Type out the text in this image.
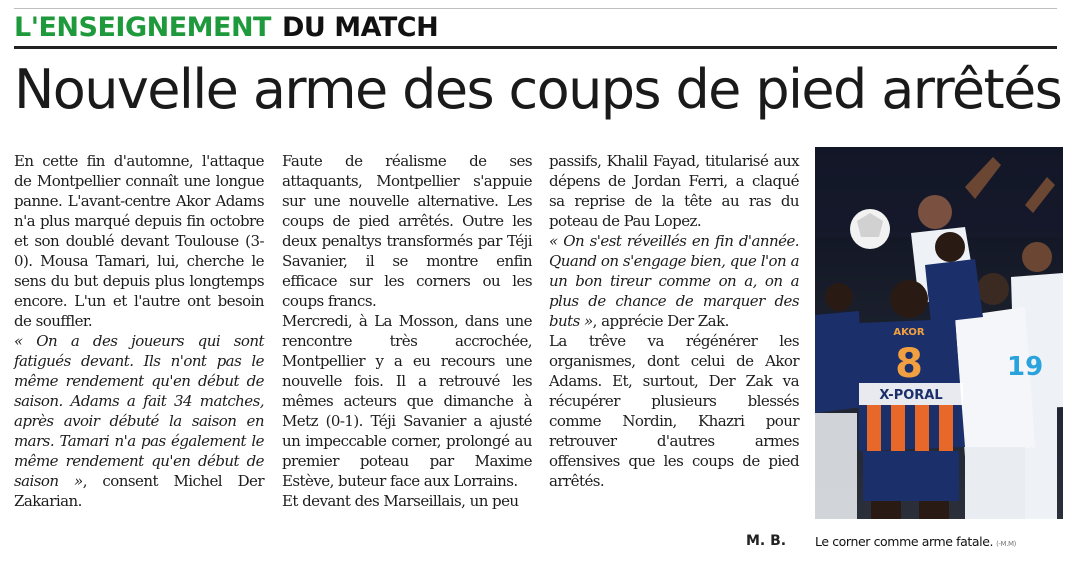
L'ENSEIGNEMENT DU MATCH
Nouvelle arme des coups de pied arrêtés

En cette fin d'automne, l'attaque de Montpellier connaît une longue panne. L'avant-centre Akor Adams n'a plus marqué depuis fin octobre et son doublé devant Toulouse (3-0). Mousa Tamari, lui, cherche le sens du but depuis plus longtemps encore. L'un et l'autre ont besoin de souffler.

« On a des joueurs qui sont fatigués devant. Ils n'ont pas le même rendement qu'en début de saison. Adams a fait 34 matches, après avoir débuté la saison en mars. Tamari n'a pas également le même rendement qu'en début de saison », consent Michel Der Zakarian.

Faute de réalisme de ses attaquants, Montpellier s'appuie sur une nouvelle alternative. Les coups de pied arrêtés. Outre les deux penaltys transformés par Téji Savanier, il se montre enfin efficace sur les corners ou les coups francs.

Mercredi, à La Mosson, dans une rencontre très accrochée, Montpellier y a eu recours une nouvelle fois. Il a retrouvé les mêmes acteurs que dimanche à Metz (0-1). Téji Savanier a ajusté un impeccable corner, prolongé au premier poteau par Maxime Estève, buteur face aux Lorrains.

Et devant des Marseillais, un peu

passifs, Khalil Fayad, titularisé aux dépens de Jordan Ferri, a claqué sa reprise de la tête au ras du poteau de Pau Lopez.

« On s'est réveillés en fin d'année. Quand on s'engage bien, que l'on a un bon tireur comme on a, on a plus de chance de marquer des buts », apprécie Der Zak.

La trêve va régénérer les organismes, dont celui de Akor Adams. Et, surtout, Der Zak va récupérer plusieurs blessés comme Nordin, Khazri pour retrouver d'autres armes offensives que les coups de pied arrêtés.

M. B.
19
AKOR
8
X-PORAL
Le corner comme arme fatale. (-M.M)
